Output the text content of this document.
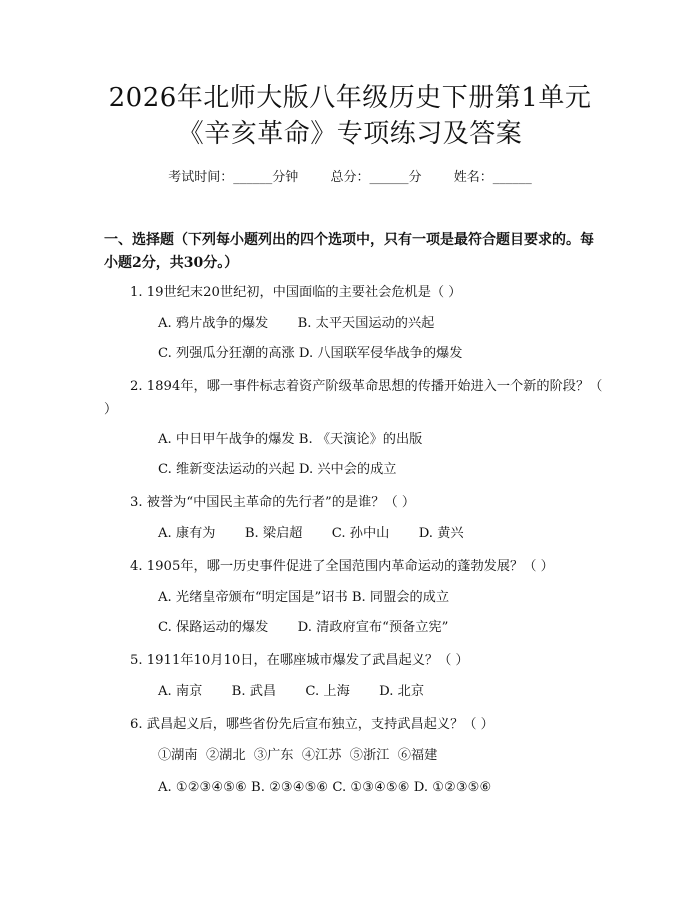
2026年北师大版八年级历史下册第1单元
《辛亥革命》专项练习及答案
考试时间：______分钟 总分：______分 姓名：______
一、选择题（下列每小题列出的四个选项中，只有一项是最符合题目要求的。每小题2分，共30分。）
1. 19世纪末20世纪初，中国面临的主要社会危机是（ ）
A. 鸦片战争的爆发       B. 太平天国运动的兴起
C. 列强瓜分狂潮的高涨 D. 八国联军侵华战争的爆发
2. 1894年，哪一事件标志着资产阶级革命思想的传播开始进入一个新的阶段？（ ）
A. 中日甲午战争的爆发 B. 《天演论》的出版
C. 维新变法运动的兴起 D. 兴中会的成立
3. 被誉为“中国民主革命的先行者”的是谁？（ ）
A. 康有为       B. 梁启超       C. 孙中山       D. 黄兴
4. 1905年，哪一历史事件促进了全国范围内革命运动的蓬勃发展？（ ）
A. 光绪皇帝颁布“明定国是”诏书 B. 同盟会的成立
C. 保路运动的爆发       D. 清政府宣布“预备立宪”
5. 1911年10月10日，在哪座城市爆发了武昌起义？（ ）
A. 南京       B. 武昌       C. 上海       D. 北京
6. 武昌起义后，哪些省份先后宣布独立，支持武昌起义？（ ）
①湖南  ②湖北  ③广东  ④江苏  ⑤浙江  ⑥福建
A. ①②③④⑤⑥ B. ②③④⑤⑥ C. ①③④⑤⑥ D. ①②③⑤⑥
